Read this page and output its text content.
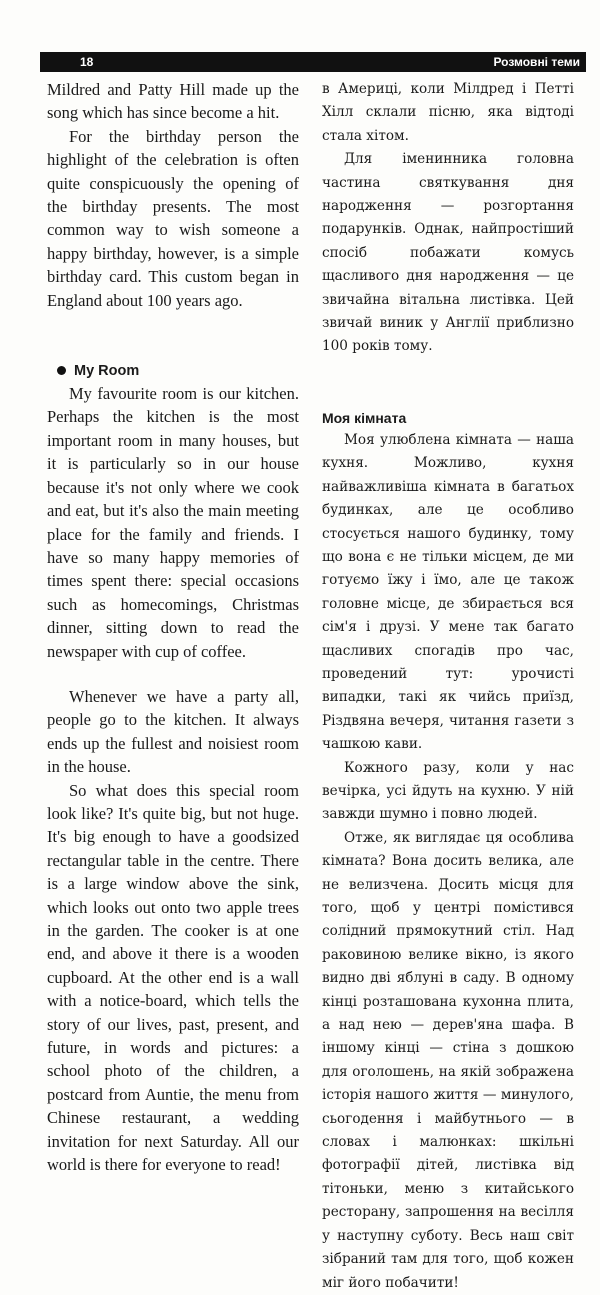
18	Розмовні теми

Mildred and Patty Hill made up the song which has since become a hit.

For the birthday person the highlight of the celebration is often quite conspicuously the opening of the birthday presents. The most common way to wish someone a happy birthday, however, is a simple birthday card. This custom began in England about 100 years ago.

My Room

My favourite room is our kitchen. Perhaps the kitchen is the most important room in many houses, but it is particularly so in our house because it's not only where we cook and eat, but it's also the main meeting place for the family and friends. I have so many happy memories of times spent there: special occasions such as homecomings, Christmas dinner, sitting down to read the newspaper with cup of coffee.

Whenever we have a party all, people go to the kitchen. It always ends up the fullest and noisiest room in the house.

So what does this special room look like? It's quite big, but not huge. It's big enough to have a goodsized rectangular table in the centre. There is a large window above the sink, which looks out onto two apple trees in the garden. The cooker is at one end, and above it there is a wooden cupboard. At the other end is a wall with a notice-board, which tells the story of our lives, past, present, and future, in words and pictures: a school photo of the children, a postcard from Auntie, the menu from Chinese restaurant, a wedding invitation for next Saturday. All our world is there for everyone to read!

в Америці, коли Мілдред і Петті Хілл склали пісню, яка відтоді стала хітом.

Для іменинника головна частина святкування дня народження — розгортання подарунків. Однак, найпростіший спосіб побажати комусь щасливого дня народження — це звичайна вітальна листівка. Цей звичай виник у Англії приблизно 100 років тому.

Моя кімната

Моя улюблена кімната — наша кухня. Можливо, кухня найважливіша кімната в багатьох будинках, але це особливо стосується нашого будинку, тому що вона є не тільки місцем, де ми готуємо їжу і їмо, але це також головне місце, де збирається вся сім'я і друзі. У мене так багато щасливих спогадів про час, проведений тут: урочисті випадки, такі як чийсь приїзд, Різдвяна вечеря, читання газети з чашкою кави.

Кожного разу, коли у нас вечірка, усі йдуть на кухню. У ній завжди шумно і повно людей.

Отже, як виглядає ця особлива кімната? Вона досить велика, але не велизчена. Досить місця для того, щоб у центрі помістився солідний прямокутний стіл. Над раковиною велике вікно, із якого видно дві яблуні в саду. В одному кінці розташована кухонна плита, а над нею — дерев'яна шафа. В іншому кінці — стіна з дошкою для оголошень, на якій зображена історія нашого життя — минулого, сьогодення і майбутнього — в словах і малюнках: шкільні фотографії дітей, листівка від тітоньки, меню з китайського ресторану, запрошення на весілля у наступну суботу. Весь наш світ зібраний там для того, щоб кожен міг його побачити!
